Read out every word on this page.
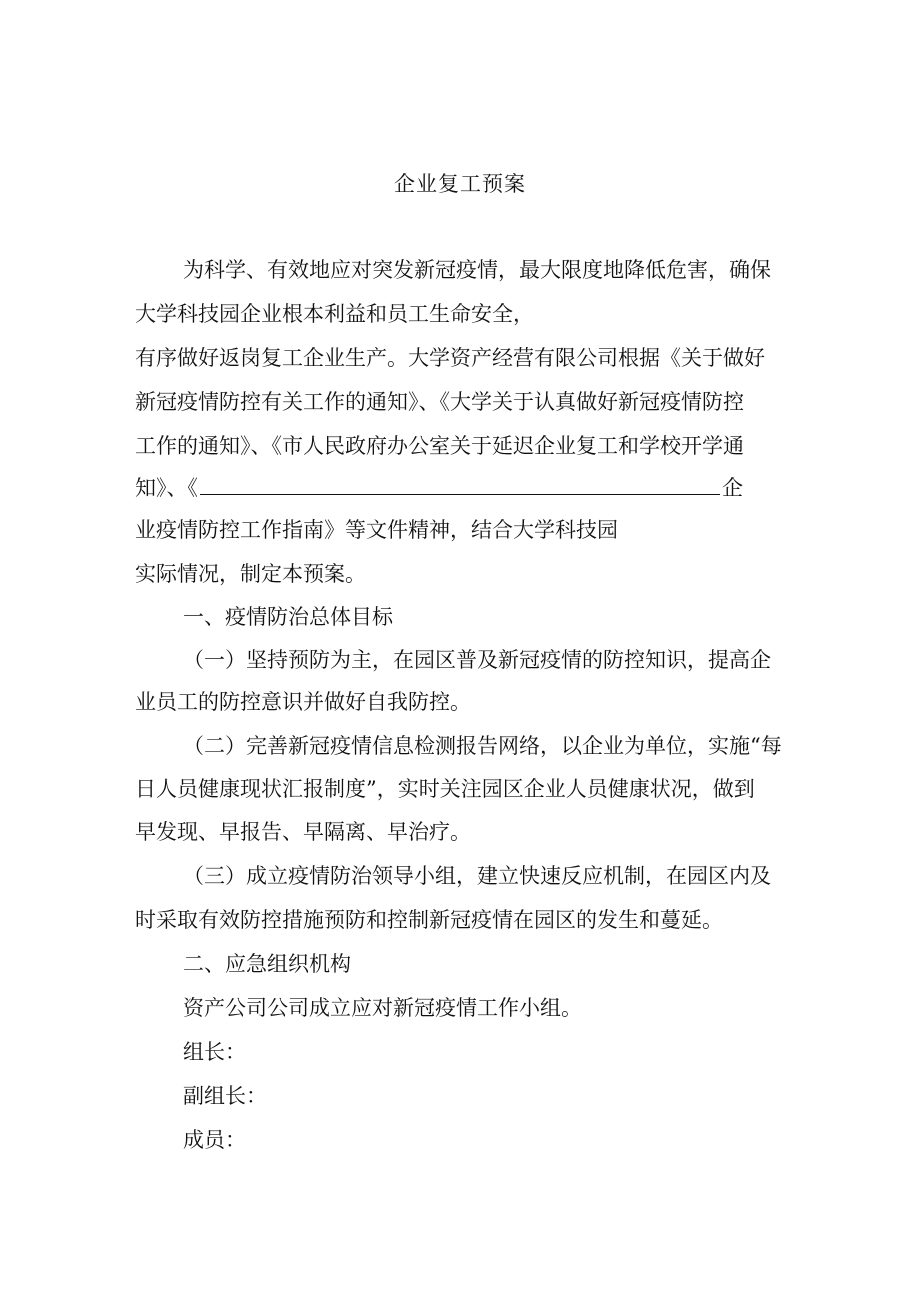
企业复工预案
为科学、有效地应对突发新冠疫情，最大限度地降低危害，确保
大学科技园企业根本利益和员工生命安全，
有序做好返岗复工企业生产。大学资产经营有限公司根据《关于做好
新冠疫情防控有关工作的通知》、《大学关于认真做好新冠疫情防控
工作的通知》、《市人民政府办公室关于延迟企业复工和学校开学通
知》、《	企
业疫情防控工作指南》等文件精神，结合大学科技园
实际情况，制定本预案。
一、疫情防治总体目标
（一）坚持预防为主，在园区普及新冠疫情的防控知识，提高企
业员工的防控意识并做好自我防控。
（二）完善新冠疫情信息检测报告网络，以企业为单位，实施“每
日人员健康现状汇报制度”，实时关注园区企业人员健康状况，做到
早发现、早报告、早隔离、早治疗。
（三）成立疫情防治领导小组，建立快速反应机制，在园区内及
时采取有效防控措施预防和控制新冠疫情在园区的发生和蔓延。
二、应急组织机构
资产公司公司成立应对新冠疫情工作小组。
组长：
副组长：
成员：
